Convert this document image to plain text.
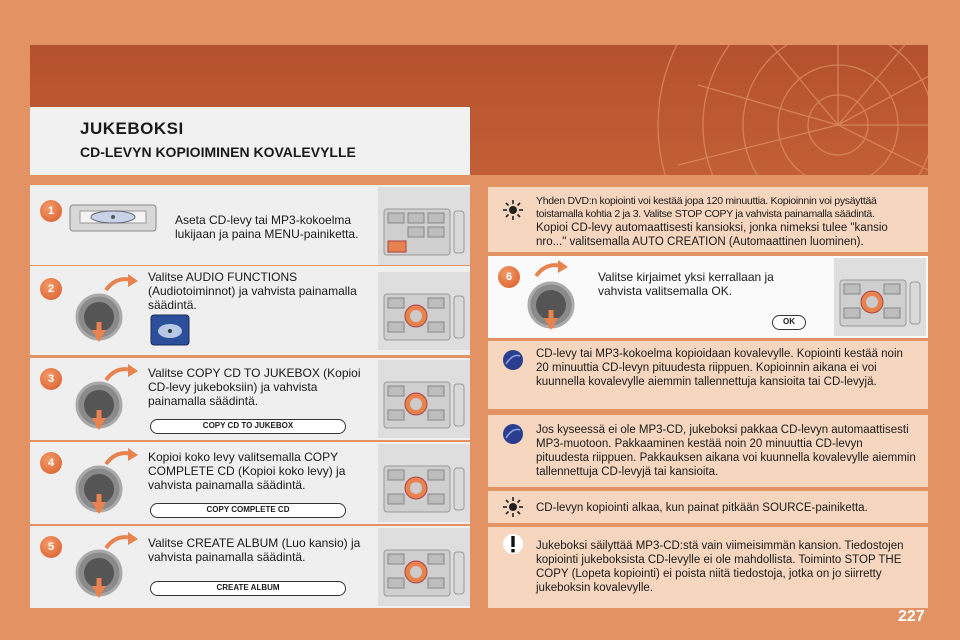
JUKEBOKSI
CD-LEVYN KOPIOIMINEN KOVALEVYLLE
1
Aseta CD-levy tai MP3-kokoelma lukijaan ja paina MENU-painiketta.
2
Valitse AUDIO FUNCTIONS (Audiotoiminnot) ja vahvista painamalla säädintä.
3	Valitse COPY CD TO JUKEBOX (Kopioi CD-levy jukeboksiin) ja vahvista painamalla säädintä.
COPY CD TO JUKEBOX
4	Kopioi koko levy valitsemalla COPY COMPLETE CD (Kopioi koko levy) ja vahvista painamalla säädintä.
COPY COMPLETE CD
5	Valitse CREATE ALBUM (Luo kansio) ja vahvista painamalla säädintä.
CREATE ALBUM
Yhden DVD:n kopiointi voi kestää jopa 120 minuuttia. Kopioinnin voi pysäyttää toistamalla kohtia 2 ja 3. Valitse STOP COPY ja vahvista painamalla säädintä.
Kopioi CD-levy automaattisesti kansioksi, jonka nimeksi tulee "kansio nro..." valitsemalla AUTO CREATION (Automaattinen luominen).
6	Valitse kirjaimet yksi kerrallaan ja vahvista valitsemalla OK.
OK
CD-levy tai MP3-kokoelma kopioidaan kovalevylle. Kopiointi kestää noin 20 minuuttia CD-levyn pituudesta riippuen. Kopioinnin aikana ei voi kuunnella kovalevylle aiemmin tallennettuja kansioita tai CD-levyjä.
Jos kyseessä ei ole MP3-CD, jukeboksi pakkaa CD-levyn automaattisesti MP3-muotoon. Pakkaaminen kestää noin 20 minuuttia CD-levyn pituudesta riippuen. Pakkauksen aikana voi kuunnella kovalevylle aiemmin tallennettuja CD-levyjä tai kansioita.
CD-levyn kopiointi alkaa, kun painat pitkään SOURCE-painiketta.
Jukeboksi säilyttää MP3-CD:stä vain viimeisimmän kansion. Tiedostojen kopiointi jukeboksista CD-levylle ei ole mahdollista. Toiminto STOP THE COPY (Lopeta kopiointi) ei poista niitä tiedostoja, jotka on jo siirretty jukeboksin kovalevylle.
227
